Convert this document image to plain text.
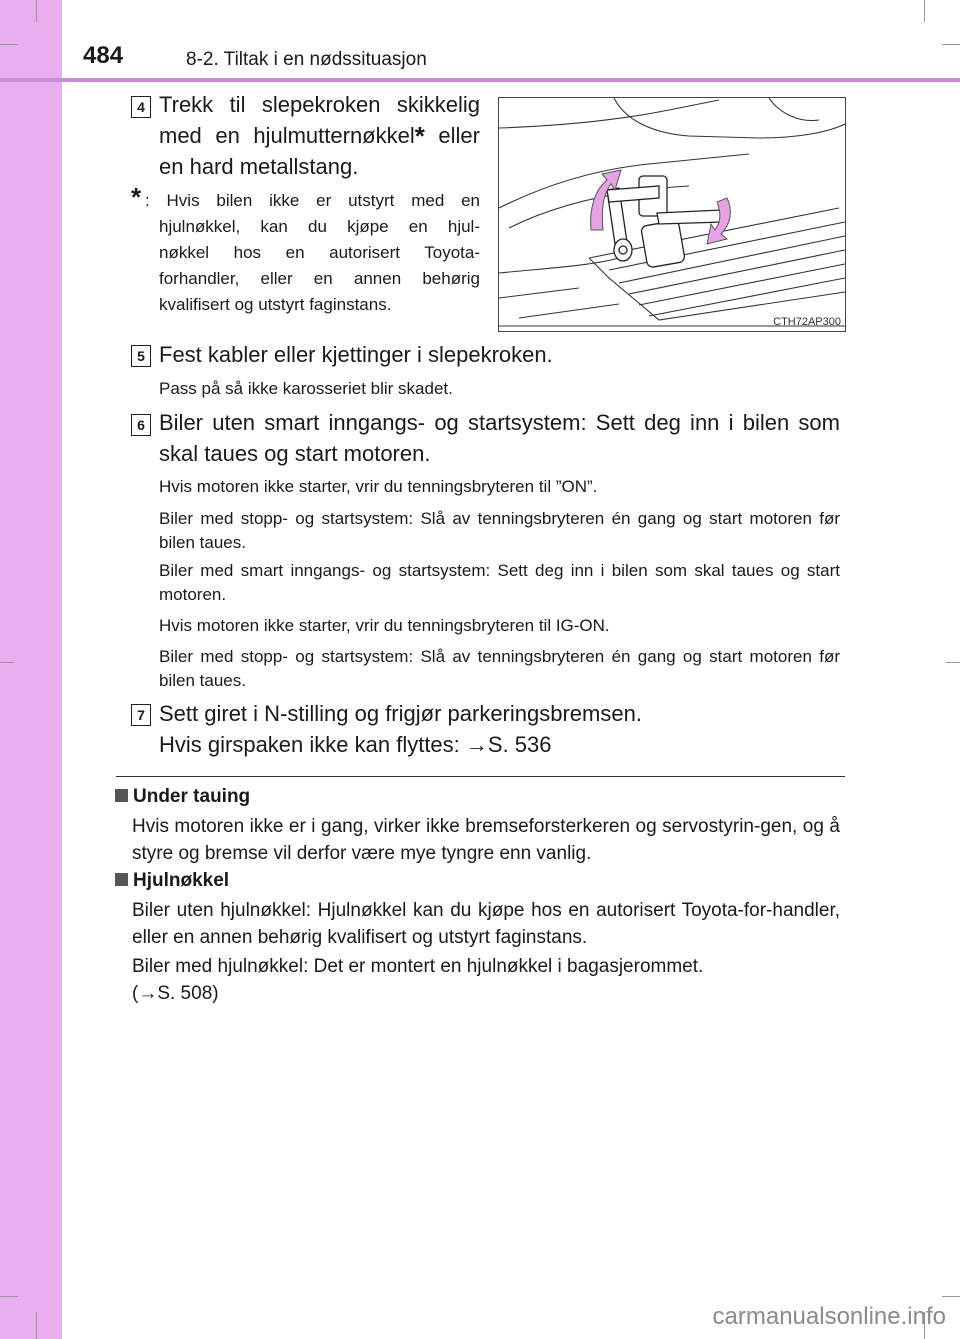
484	8-2. Tiltak i en nødssituasjon
4 Trekk til slepekroken skikkelig
med en hjulmutternøkkel* eller
en hard metallstang.
* : Hvis bilen ikke er utstyrt med en
hjulnøkkel, kan du kjøpe en hjul-
nøkkel hos en autorisert Toyota-
forhandler, eller en annen behørig
kvalifisert og utstyrt faginstans.
CTH72AP300
5 Fest kabler eller kjettinger i slepekroken.
Pass på så ikke karosseriet blir skadet.
6 Biler uten smart inngangs- og startsystem: Sett deg inn i bilen som skal taues og start motoren.
Hvis motoren ikke starter, vrir du tenningsbryteren til ”ON”.
Biler med stopp- og startsystem: Slå av tenningsbryteren én gang og start motoren før bilen taues.
Biler med smart inngangs- og startsystem: Sett deg inn i bilen som skal taues og start motoren.
Hvis motoren ikke starter, vrir du tenningsbryteren til IG-ON.
Biler med stopp- og startsystem: Slå av tenningsbryteren én gang og start motoren før bilen taues.
7 Sett giret i N-stilling og frigjør parkeringsbremsen.
Hvis girspaken ikke kan flyttes: →S. 536
Under tauing
Hvis motoren ikke er i gang, virker ikke bremseforsterkeren og servostyrin-gen, og å styre og bremse vil derfor være mye tyngre enn vanlig.
Hjulnøkkel
Biler uten hjulnøkkel: Hjulnøkkel kan du kjøpe hos en autorisert Toyota-for-handler, eller en annen behørig kvalifisert og utstyrt faginstans.
Biler med hjulnøkkel: Det er montert en hjulnøkkel i bagasjerommet.
(→S. 508)
carmanualsonline.info
